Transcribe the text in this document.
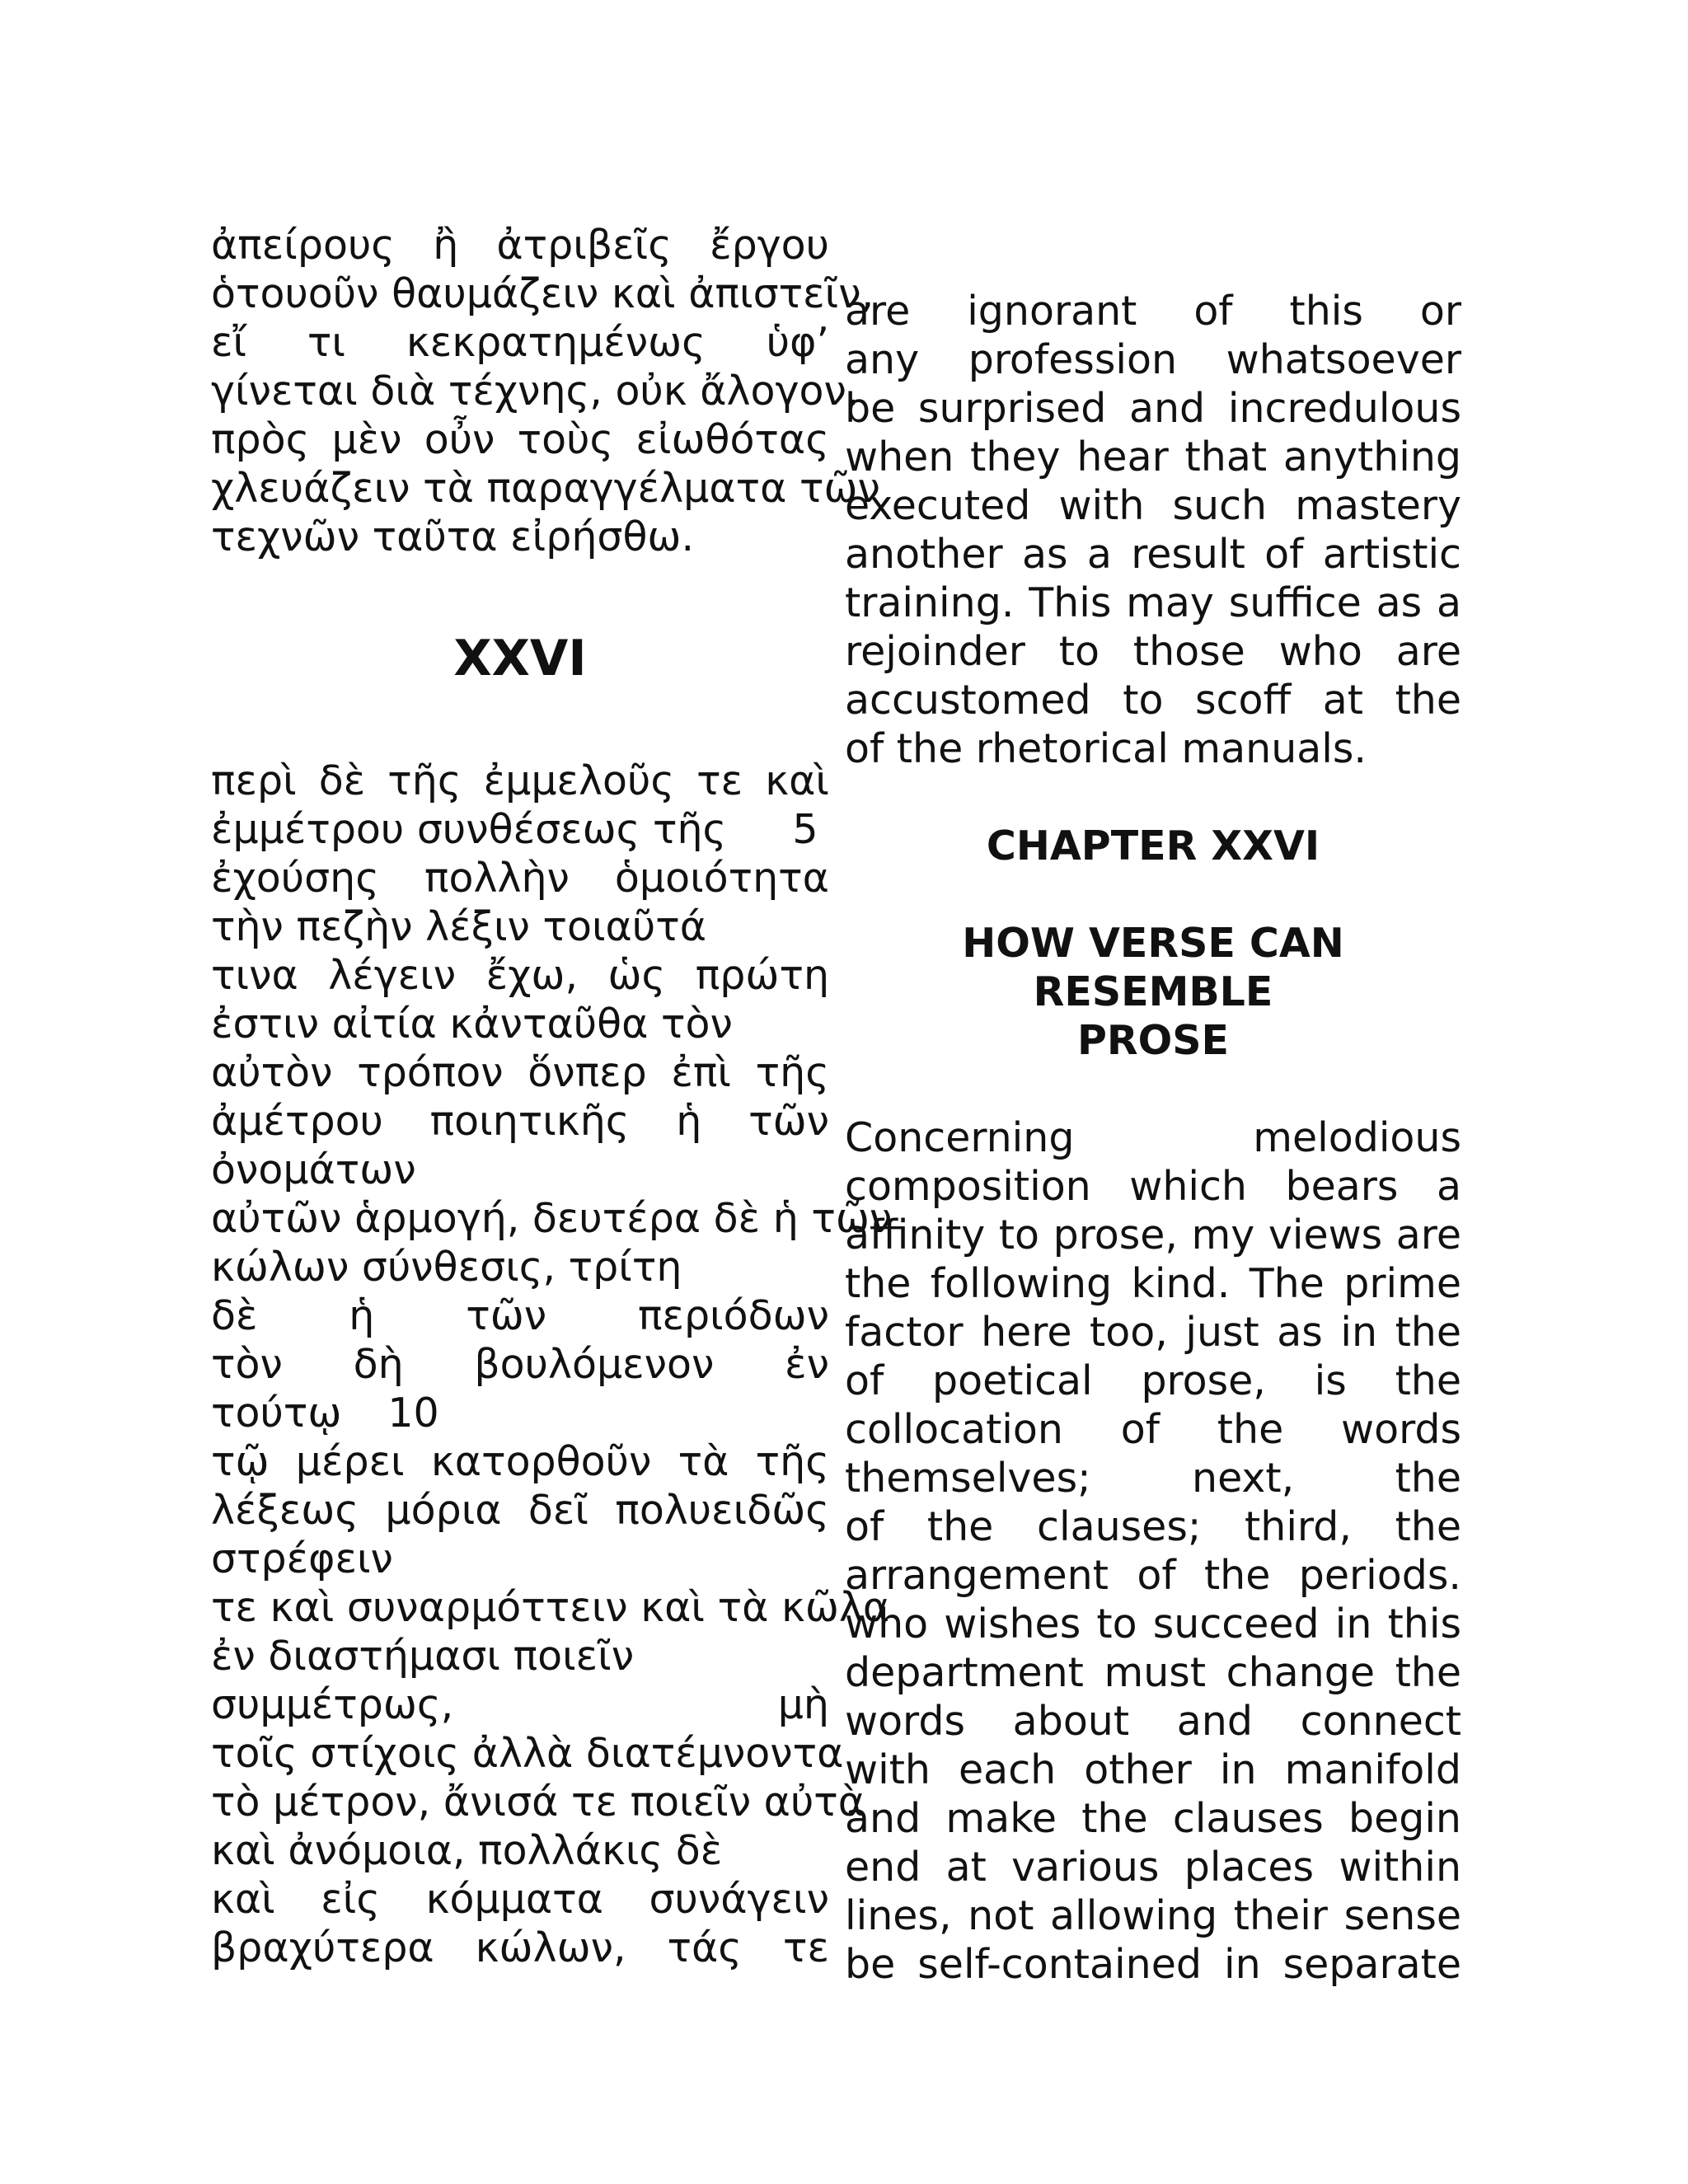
ἀπείρους ἢ ἀτριβεῖς ἔργου
ὁτουοῦν θαυμάζειν καὶ ἀπιστεῖν,
εἴ τι κεκρατημένως ὑφ’
γίνεται διὰ τέχνης, οὐκ ἄλογον.
πρὸς μὲν οὖν τοὺς εἰωθότας
χλευάζειν τὰ παραγγέλματα τῶν
τεχνῶν ταῦτα εἰρήσθω.
XXVI
περὶ δὲ τῆς ἐμμελοῦς τε καὶ
ἐμμέτρου συνθέσεως τῆς 5
ἐχούσης πολλὴν ὁμοιότητα
τὴν πεζὴν λέξιν τοιαῦτά
τινα λέγειν ἔχω, ὡς πρώτη
ἐστιν αἰτία κἀνταῦθα τὸν
αὐτὸν τρόπον ὅνπερ ἐπὶ τῆς
ἀμέτρου ποιητικῆς ἡ τῶν
ὀνομάτων
αὐτῶν ἁρμογή, δευτέρα δὲ ἡ τῶν
κώλων σύνθεσις, τρίτη
δὲ ἡ τῶν περιόδων
τὸν δὴ βουλόμενον ἐν
τούτῳ 10
τῷ μέρει κατορθοῦν τὰ τῆς
λέξεως μόρια δεῖ πολυειδῶς
στρέφειν
τε καὶ συναρμόττειν καὶ τὰ κῶλα
ἐν διαστήμασι ποιεῖν
συμμέτρως, μὴ
τοῖς στίχοις ἀλλὰ διατέμνοντα
τὸ μέτρον, ἄνισά τε ποιεῖν αὐτὰ
καὶ ἀνόμοια, πολλάκις δὲ
καὶ εἰς κόμματα συνάγειν
βραχύτερα κώλων, τάς τε
are ignorant of this or
any profession whatsoever
be surprised and incredulous
when they hear that anything
executed with such mastery
another as a result of artistic
training. This may suffice as a
rejoinder to those who are
accustomed to scoff at the
of the rhetorical manuals.
CHAPTER XXVI
HOW VERSE CAN RESEMBLE
PROSE
Concerning melodious
composition which bears a
affinity to prose, my views are
the following kind. The prime
factor here too, just as in the
of poetical prose, is the
collocation of the words
themselves; next, the
of the clauses; third, the
arrangement of the periods.
who wishes to succeed in this
department must change the
words about and connect
with each other in manifold
and make the clauses begin
end at various places within
lines, not allowing their sense
be self-contained in separate
